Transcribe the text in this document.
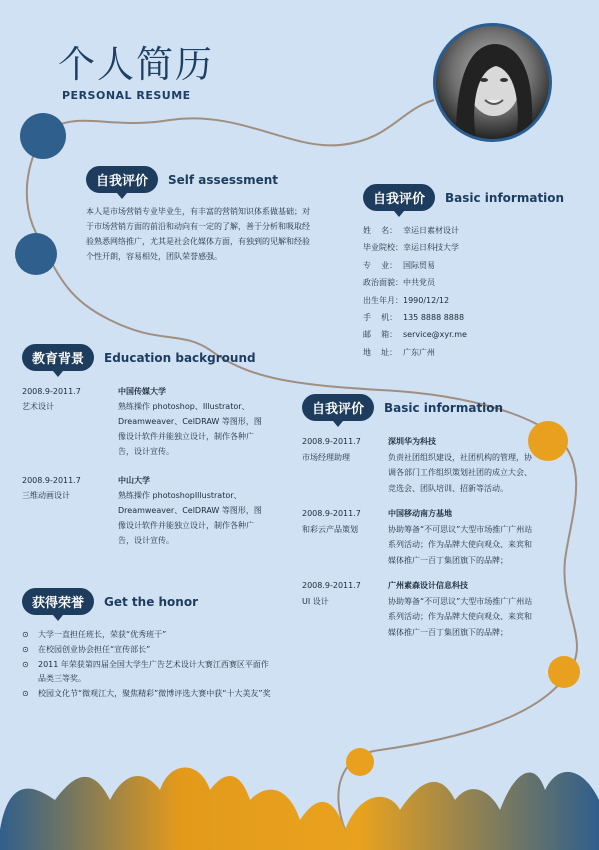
个人简历
PERSONAL RESUME
自我评价	Self assessment
本人是市场营销专业毕业生，有丰富的营销知识体系做基础；对于市场营销方面的前沿和动向有一定的了解，善于分析和吸取经验熟悉网络推广，尤其是社会化媒体方面，有独到的见解和经验个性开朗，容易相处，团队荣誉感强。
自我评价	Basic information
姓    名： 幸运日素材设计
毕业院校： 幸运日科技大学
专    业： 国际贸易
政治面貌： 中共党员
出生年月： 1990/12/12
手    机： 135 8888 8888
邮    箱： service@xyr.me
地    址： 广东广州
教育背景	Education background
2008.9-2011.7
艺术设计
中国传媒大学
熟练操作 photoshop、Illustrator、Dreamweaver、CelDRAW 等图形，图像设计软件并能独立设计，制作各种广告，设计宣传。
2008.9-2011.7
三维动画设计
中山大学
熟练操作 photoshopIllustrator、Dreamweaver、CelDRAW 等图形，图像设计软件并能独立设计，制作各种广告，设计宣传。
自我评价	Basic information
2008.9-2011.7
市场经理助理
深圳华为科技
负责社团组织建设，社团机构的管理，协调各部门工作组织策划社团的成立大会、竞选会、团队培训、招新等活动。
2008.9-2011.7
和彩云产品策划
中国移动南方基地
协助筹备“不可思议”大型市场推广广州站系列活动；作为品牌大使向观众、来宾和媒体推广一百丁集团旗下的品牌；
2008.9-2011.7
UI 设计
广州素森设计信息科技
协助筹备“不可思议”大型市场推广广州站系列活动；作为品牌大使向观众、来宾和媒体推广一百丁集团旗下的品牌；
获得荣誉	Get the honor
⊙ 大学一直担任班长，荣获“优秀班干”
⊙ 在校园创业协会担任“宣传部长”
⊙ 2011 年荣获第四届全国大学生广告艺术设计大赛江西赛区平面作品类三等奖。
⊙ 校园文化节“微观江大，聚焦精彩”微博评选大赛中获“十大美友”奖
